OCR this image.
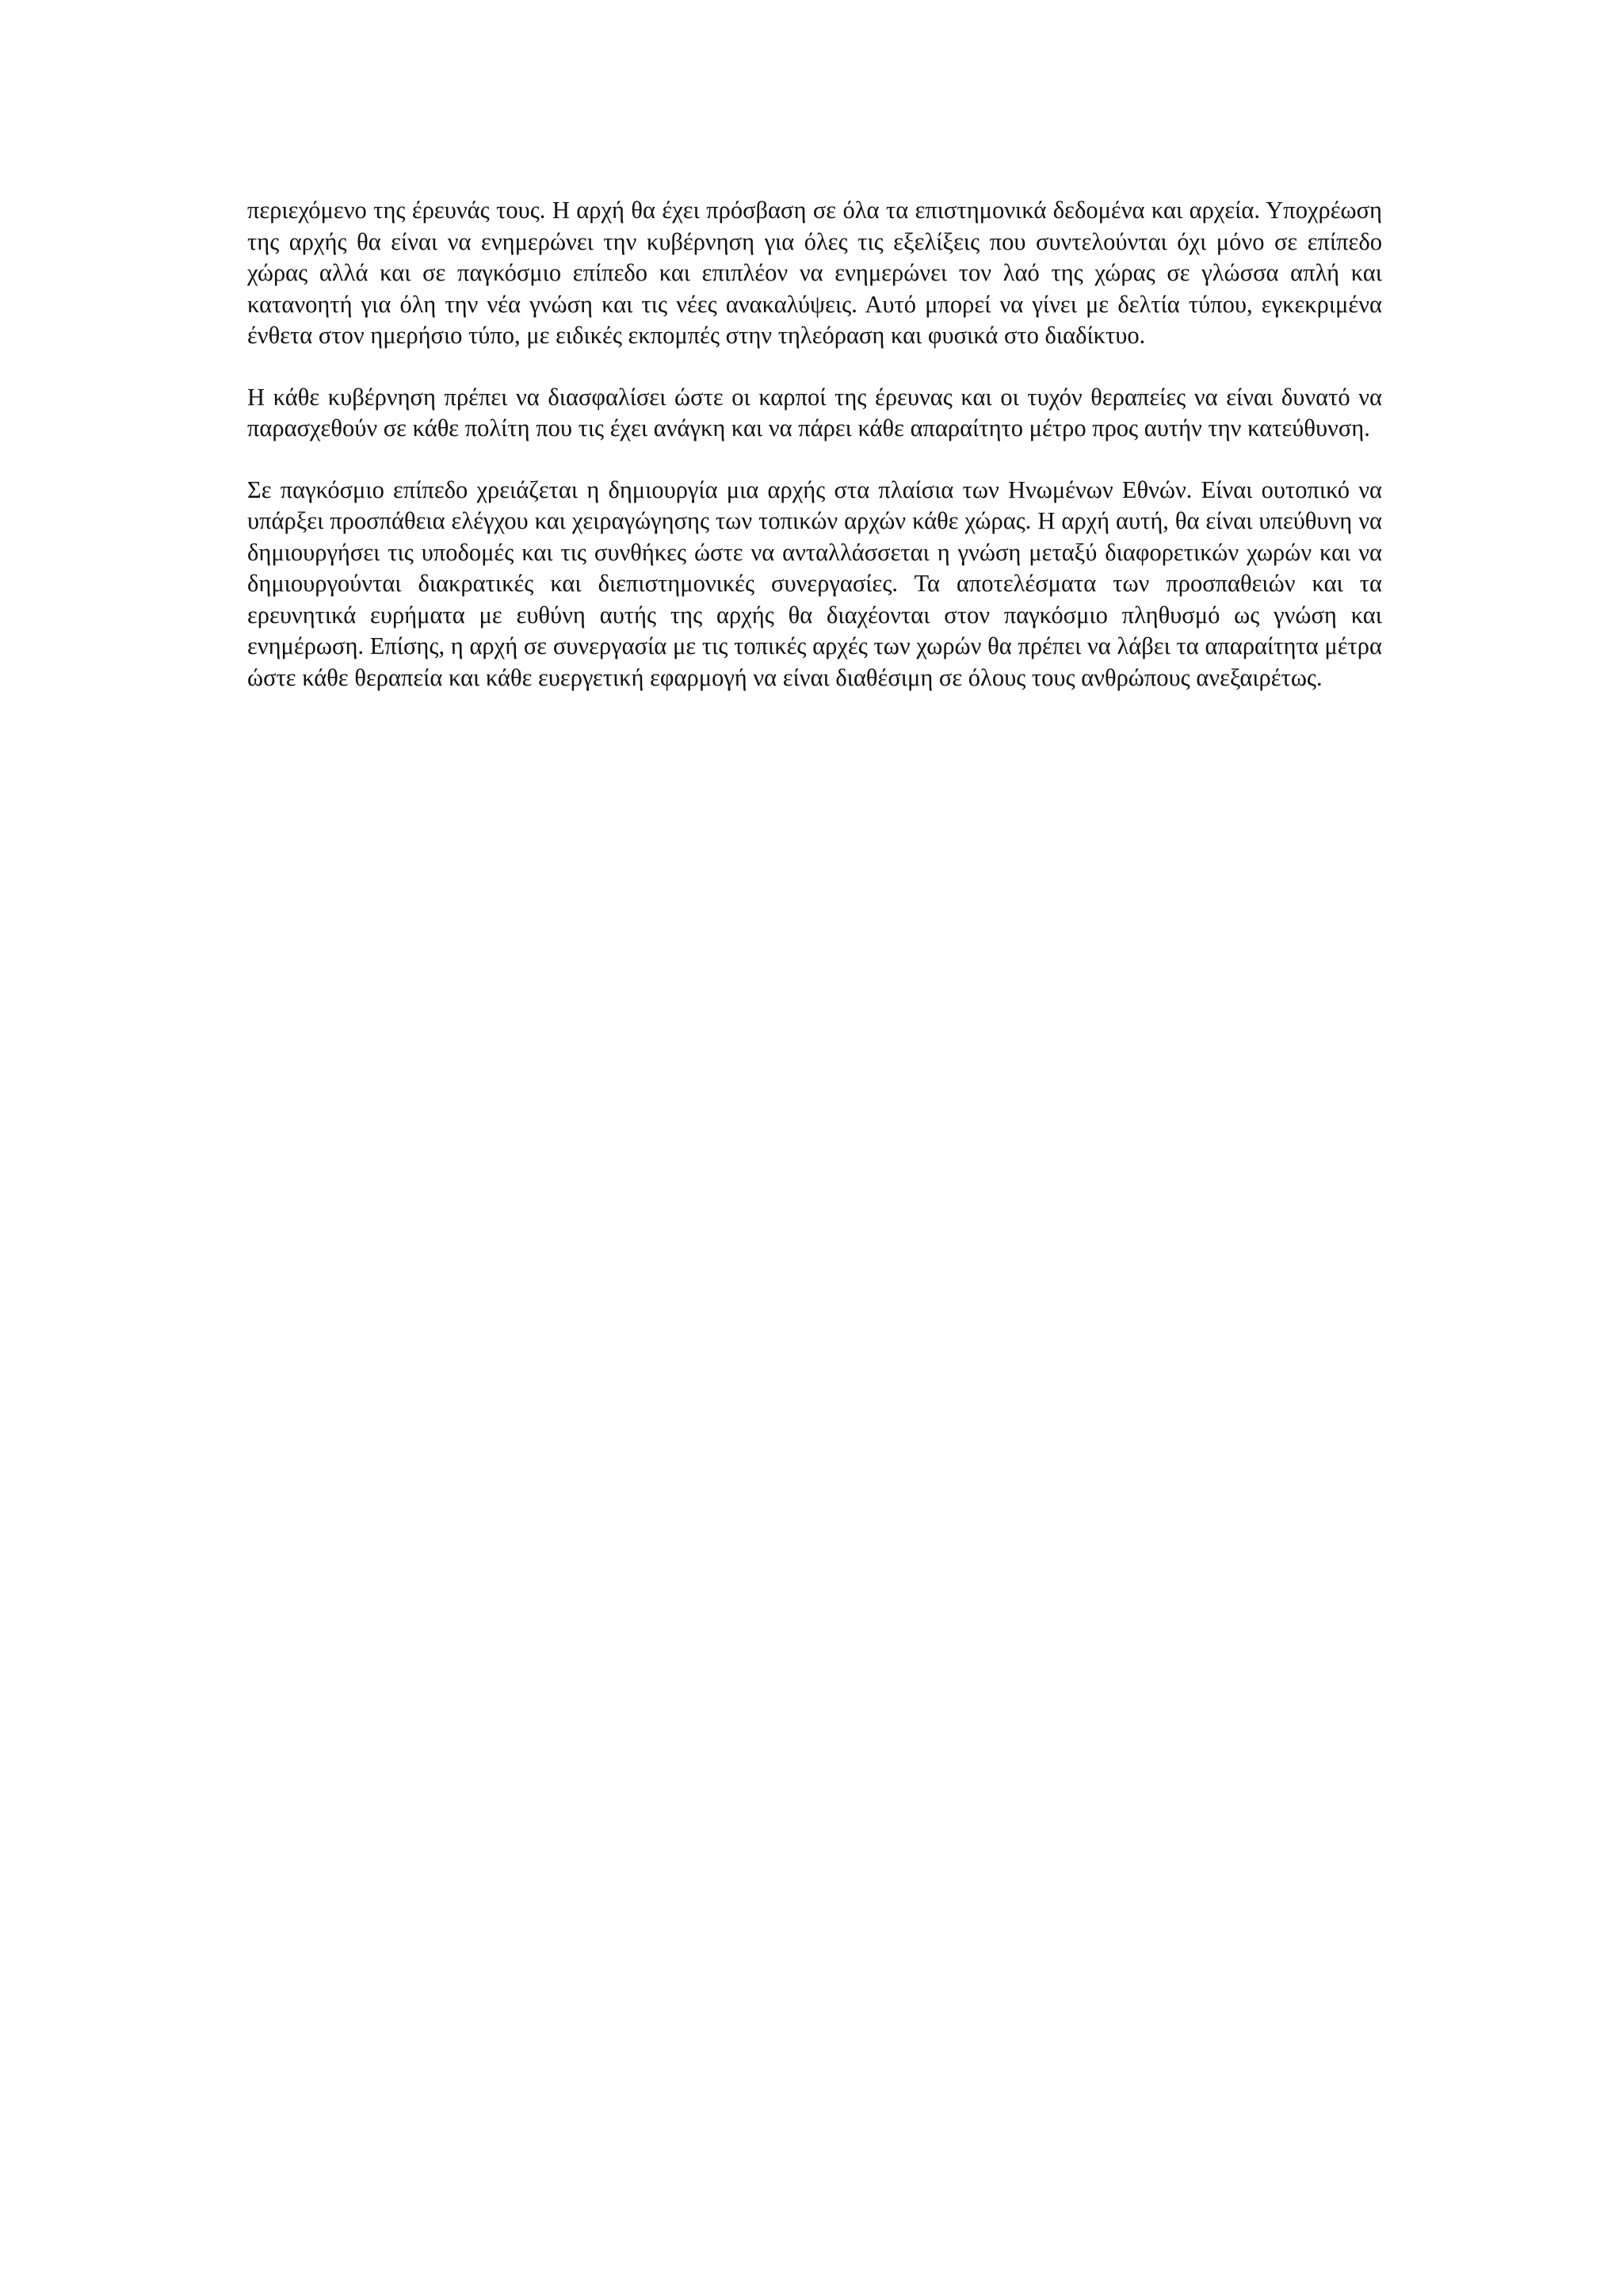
περιεχόμενο της έρευνάς τους. Η αρχή θα έχει πρόσβαση σε όλα τα επιστημονικά δεδομένα και αρχεία. Υποχρέωση της αρχής θα είναι να ενημερώνει την κυβέρνηση για όλες τις εξελίξεις που συντελούνται όχι μόνο σε επίπεδο χώρας αλλά και σε παγκόσμιο επίπεδο και επιπλέον να ενημερώνει τον λαό της χώρας σε γλώσσα απλή και κατανοητή για όλη την νέα γνώση και τις νέες ανακαλύψεις. Αυτό μπορεί να γίνει με δελτία τύπου, εγκεκριμένα ένθετα στον ημερήσιο τύπο, με ειδικές εκπομπές στην τηλεόραση και φυσικά στο διαδίκτυο.

Η κάθε κυβέρνηση πρέπει να διασφαλίσει ώστε οι καρποί της έρευνας και οι τυχόν θεραπείες να είναι δυνατό να παρασχεθούν σε κάθε πολίτη που τις έχει ανάγκη και να πάρει κάθε απαραίτητο μέτρο προς αυτήν την κατεύθυνση.

Σε παγκόσμιο επίπεδο χρειάζεται η δημιουργία μια αρχής στα πλαίσια των Ηνωμένων Εθνών. Είναι ουτοπικό να υπάρξει προσπάθεια ελέγχου και χειραγώγησης των τοπικών αρχών κάθε χώρας. Η αρχή αυτή, θα είναι υπεύθυνη να δημιουργήσει τις υποδομές και τις συνθήκες ώστε να ανταλλάσσεται η γνώση μεταξύ διαφορετικών χωρών και να δημιουργούνται διακρατικές και διεπιστημονικές συνεργασίες. Τα αποτελέσματα των προσπαθειών και τα ερευνητικά ευρήματα με ευθύνη αυτής της αρχής θα διαχέονται στον παγκόσμιο πληθυσμό ως γνώση και ενημέρωση. Επίσης, η αρχή σε συνεργασία με τις τοπικές αρχές των χωρών θα πρέπει να λάβει τα απαραίτητα μέτρα ώστε κάθε θεραπεία και κάθε ευεργετική εφαρμογή να είναι διαθέσιμη σε όλους τους ανθρώπους ανεξαιρέτως.
